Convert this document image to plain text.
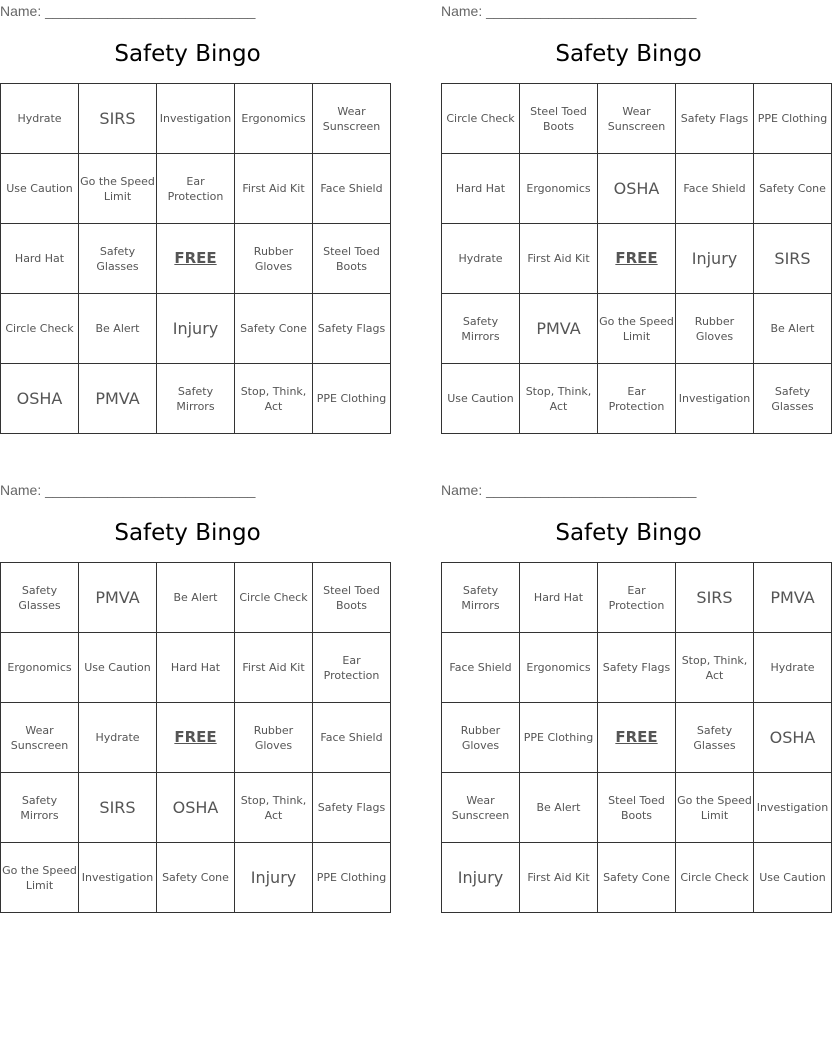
Name: ___________________________
Safety Bingo
Hydrate	SIRS	Investigation	Ergonomics	Wear Sunscreen
Use Caution	Go the Speed Limit	Ear Protection	First Aid Kit	Face Shield
Hard Hat	Safety Glasses	FREE	Rubber Gloves	Steel Toed Boots
Circle Check	Be Alert	Injury	Safety Cone	Safety Flags
OSHA	PMVA	Safety Mirrors	Stop, Think, Act	PPE Clothing
Name: ___________________________
Safety Bingo
Circle Check	Steel Toed Boots	Wear Sunscreen	Safety Flags	PPE Clothing
Hard Hat	Ergonomics	OSHA	Face Shield	Safety Cone
Hydrate	First Aid Kit	FREE	Injury	SIRS
Safety Mirrors	PMVA	Go the Speed Limit	Rubber Gloves	Be Alert
Use Caution	Stop, Think, Act	Ear Protection	Investigation	Safety Glasses
Name: ___________________________
Safety Bingo
Safety Glasses	PMVA	Be Alert	Circle Check	Steel Toed Boots
Ergonomics	Use Caution	Hard Hat	First Aid Kit	Ear Protection
Wear Sunscreen	Hydrate	FREE	Rubber Gloves	Face Shield
Safety Mirrors	SIRS	OSHA	Stop, Think, Act	Safety Flags
Go the Speed Limit	Investigation	Safety Cone	Injury	PPE Clothing
Name: ___________________________
Safety Bingo
Safety Mirrors	Hard Hat	Ear Protection	SIRS	PMVA
Face Shield	Ergonomics	Safety Flags	Stop, Think, Act	Hydrate
Rubber Gloves	PPE Clothing	FREE	Safety Glasses	OSHA
Wear Sunscreen	Be Alert	Steel Toed Boots	Go the Speed Limit	Investigation
Injury	First Aid Kit	Safety Cone	Circle Check	Use Caution
